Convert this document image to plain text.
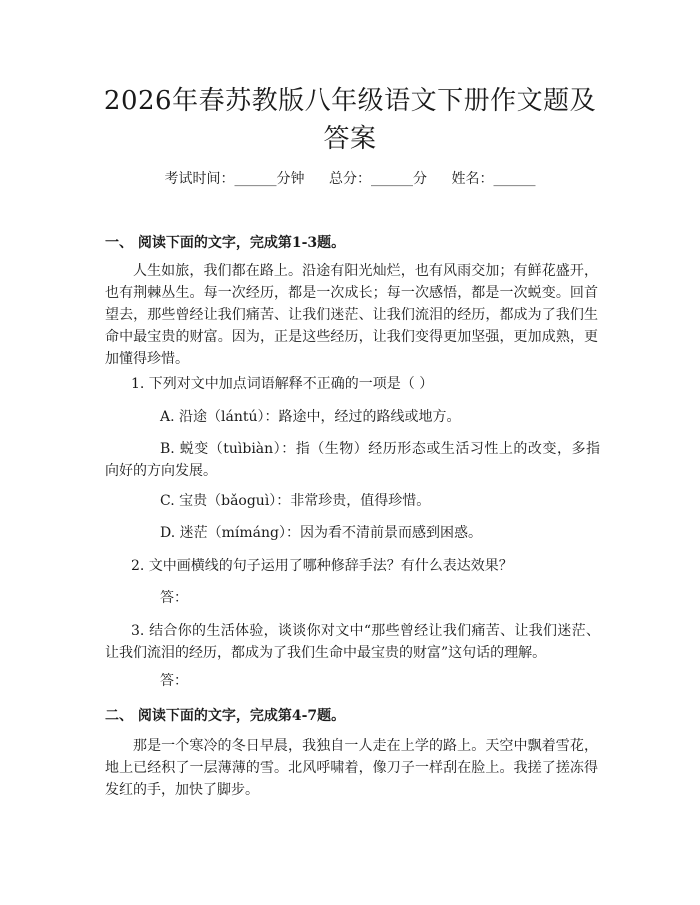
2026年春苏教版八年级语文下册作文题及答案
考试时间：______分钟 总分：______分 姓名：______
一、 阅读下面的文字，完成第1-3题。

人生如旅，我们都在路上。沿途有阳光灿烂，也有风雨交加；有鲜花盛开，也有荆棘丛生。每一次经历，都是一次成长；每一次感悟，都是一次蜕变。回首望去，那些曾经让我们痛苦、让我们迷茫、让我们流泪的经历，都成为了我们生命中最宝贵的财富。因为，正是这些经历，让我们变得更加坚强，更加成熟，更加懂得珍惜。

1. 下列对文中加点词语解释不正确的一项是（ ）

A. 沿途（lántú）：路途中，经过的路线或地方。

B. 蜕变（tuìbiàn）：指（生物）经历形态或生活习性上的改变，多指向好的方向发展。

C. 宝贵（bǎoguì）：非常珍贵，值得珍惜。

D. 迷茫（mímáng）：因为看不清前景而感到困惑。

2. 文中画横线的句子运用了哪种修辞手法？有什么表达效果？

答：

3. 结合你的生活体验，谈谈你对文中“那些曾经让我们痛苦、让我们迷茫、让我们流泪的经历，都成为了我们生命中最宝贵的财富”这句话的理解。

答：

二、 阅读下面的文字，完成第4-7题。

那是一个寒冷的冬日早晨，我独自一人走在上学的路上。天空中飘着雪花，地上已经积了一层薄薄的雪。北风呼啸着，像刀子一样刮在脸上。我搓了搓冻得发红的手，加快了脚步。
